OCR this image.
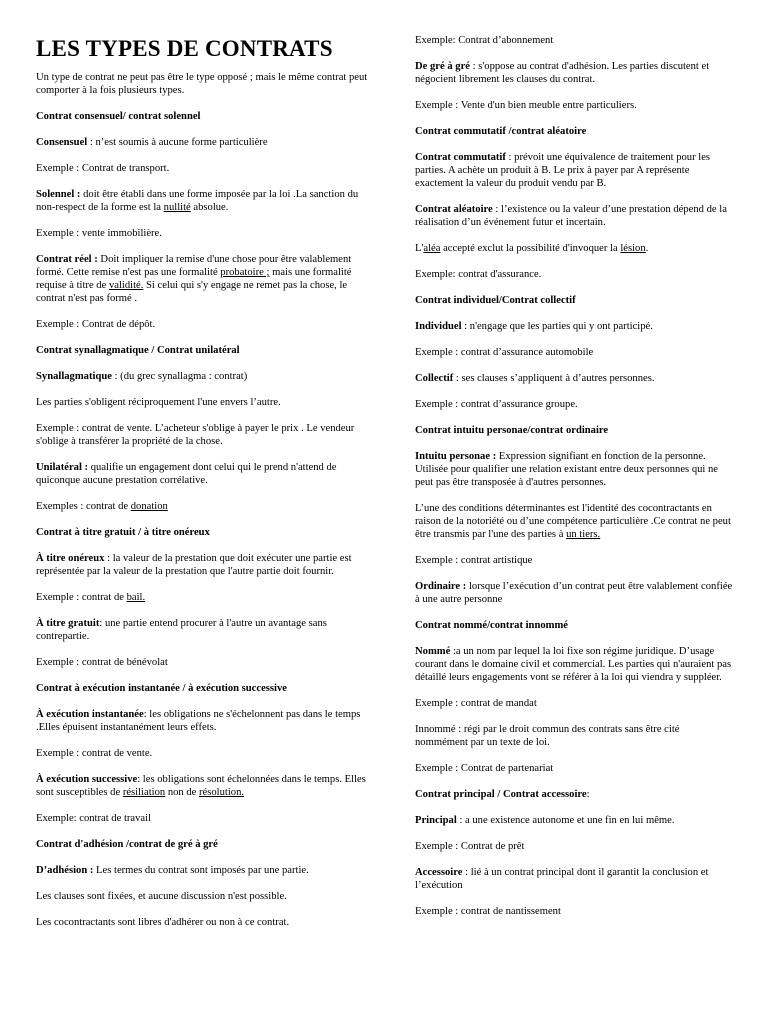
LES TYPES DE CONTRATS

Un type de contrat ne peut pas être le type opposé ; mais le même contrat peut comporter à la fois plusieurs types.

Contrat consensuel/ contrat solennel

Consensuel : n’est soumis à aucune forme particulière

Exemple : Contrat de transport.

Solennel : doit être établi dans une forme imposée par la loi .La sanction du non-respect de la forme est la nullité absolue.

Exemple : vente immobilière.

Contrat réel : Doit impliquer la remise d'une chose pour être valablement formé. Cette remise n'est pas une formalité probatoire ; mais une formalité requise à titre de validité. Si celui qui s'y engage ne remet pas la chose, le contrat n'est pas formé .

Exemple : Contrat de dépôt.

Contrat synallagmatique / Contrat unilatéral

Synallagmatique : (du grec synallagma : contrat)

Les parties s'obligent réciproquement l'une envers l’autre.

Exemple : contrat de vente. L’acheteur s'oblige à payer le prix . Le vendeur s'oblige à transférer la propriété de la chose.

Unilatéral : qualifie un engagement dont celui qui le prend n'attend de quiconque aucune prestation corrélative.

Exemples : contrat de donation

Contrat à titre gratuit / à titre onéreux

À titre onéreux : la valeur de la prestation que doit exécuter une partie est représentée par la valeur de la prestation que l'autre partie doit fournir.

Exemple : contrat de bail.

À titre gratuit: une partie entend procurer à l'autre un avantage sans contrepartie.

Exemple : contrat de bénévolat

Contrat à exécution instantanée / à exécution successive

À exécution instantanée: les obligations ne s'échelonnent pas dans le temps .Elles épuisent instantanément leurs effets.

Exemple : contrat de vente.

À exécution successive: les obligations sont échelonnées dans le temps. Elles sont susceptibles de résiliation non de résolution.

Exemple: contrat de travail

Contrat d'adhésion /contrat de gré à gré

D’adhésion : Les termes du contrat sont imposés par une partie.

Les clauses sont fixées, et aucune discussion n'est possible.

Les cocontractants sont libres d'adhérer ou non à ce contrat.

Exemple: Contrat d’abonnement

De gré à gré : s'oppose au contrat d'adhésion. Les parties discutent et négocient librement les clauses du contrat.

Exemple : Vente d'un bien meuble entre particuliers.

Contrat commutatif /contrat aléatoire

Contrat commutatif : prévoit une équivalence de traitement pour les parties. A achète un produit à B. Le prix à payer par A représente exactement la valeur du produit vendu par B.

Contrat aléatoire : l’existence ou la valeur d’une prestation dépend de la réalisation d’un événement futur et incertain.

L'aléa accepté exclut la possibilité d'invoquer la lésion.

Exemple: contrat d'assurance.

Contrat individuel/Contrat collectif

Individuel : n'engage que les parties qui y ont participé.

Exemple : contrat d’assurance automobile

Collectif : ses clauses s’appliquent à d’autres personnes.

Exemple : contrat d’assurance groupe.

Contrat intuitu personae/contrat ordinaire

Intuitu personae : Expression signifiant en fonction de la personne. Utilisée pour qualifier une relation existant entre deux personnes qui ne peut pas être transposée à d'autres personnes.

L’une des conditions déterminantes est l'identité des cocontractants en raison de la notoriété ou d’une compétence particulière .Ce contrat ne peut être transmis par l'une des parties à un tiers.

Exemple : contrat artistique

Ordinaire : lorsque l’exécution d’un contrat peut être valablement confiée à une autre personne

Contrat nommé/contrat innommé

Nommé :a un nom par lequel la loi fixe son régime juridique. D’usage courant dans le domaine civil et commercial. Les parties qui n'auraient pas détaillé leurs engagements vont se référer à la loi qui viendra y suppléer.

Exemple : contrat de mandat

Innommé : régi par le droit commun des contrats sans être cité nommément par un texte de loi.

Exemple : Contrat de partenariat

Contrat principal / Contrat accessoire:

Principal : a une existence autonome et une fin en lui même.

Exemple : Contrat de prêt

Accessoire : lié à un contrat principal dont il garantit la conclusion et l’exécution

Exemple : contrat de nantissement
